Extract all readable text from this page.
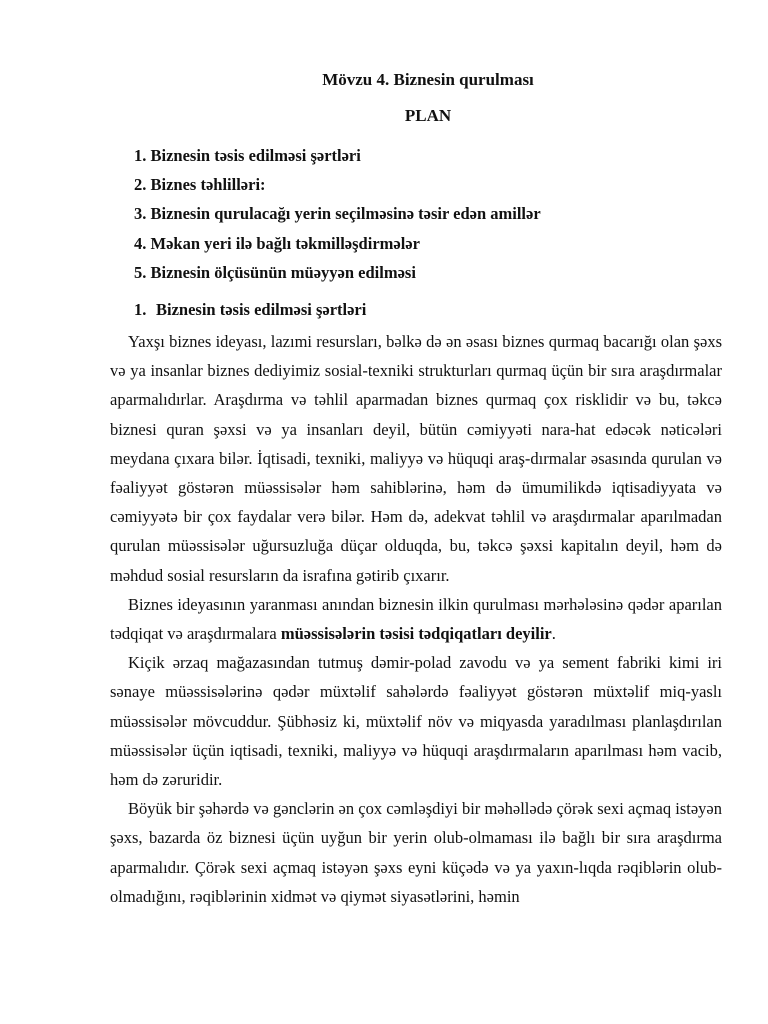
Mövzu 4. Biznesin qurulması
PLAN
1. Biznesin təsis edilməsi şərtləri
2. Biznes təhlilləri:
3. Biznesin qurulacağı yerin seçilməsinə təsir edən amillər
4. Məkan yeri ilə bağlı təkmilləşdirmələr
5. Biznesin ölçüsünün müəyyən edilməsi
1. Biznesin təsis edilməsi şərtləri

Yaxşı biznes ideyası, lazımi resursları, bəlkə də ən əsası biznes qurmaq bacarığı olan şəxs və ya insanlar biznes dediyimiz sosial-texniki strukturları qurmaq üçün bir sıra araşdırmalar aparmalıdırlar. Araşdırma və təhlil aparmadan biznes qurmaq çox risklidir və bu, təkcə biznesi quran şəxsi və ya insanları deyil, bütün cəmiyyəti nara-hat edəcək nəticələri meydana çıxara bilər. İqtisadi, texniki, maliyyə və hüquqi araş-dırmalar əsasında qurulan və fəaliyyət göstərən müəssisələr həm sahiblərinə, həm də ümumilikdə iqtisadiyyata və cəmiyyətə bir çox faydalar verə bilər. Həm də, adekvat təhlil və araşdırmalar aparılmadan qurulan müəssisələr uğursuzluğa düçar olduqda, bu, təkcə şəxsi kapitalın deyil, həm də məhdud sosial resursların da israfına gətirib çıxarır.

Biznes ideyasının yaranması anından biznesin ilkin qurulması mərhələsinə qədər aparılan tədqiqat və araşdırmalara müəssisələrin təsisi tədqiqatları deyilir.

Kiçik ərzaq mağazasından tutmuş dəmir-polad zavodu və ya sement fabriki kimi iri sənaye müəssisələrinə qədər müxtəlif sahələrdə fəaliyyət göstərən müxtəlif miq-yaslı müəssisələr mövcuddur. Şübhəsiz ki, müxtəlif növ və miqyasda yaradılması planlaşdırılan müəssisələr üçün iqtisadi, texniki, maliyyə və hüquqi araşdırmaların aparılması həm vacib, həm də zəruridir.

Böyük bir şəhərdə və gənclərin ən çox cəmləşdiyi bir məhəllədə çörək sexi açmaq istəyən şəxs, bazarda öz biznesi üçün uyğun bir yerin olub-olmaması ilə bağlı bir sıra araşdırma aparmalıdır. Çörək sexi açmaq istəyən şəxs eyni küçədə və ya yaxın-lıqda rəqiblərin olub-olmadığını, rəqiblərinin xidmət və qiymət siyasətlərini, həmin
